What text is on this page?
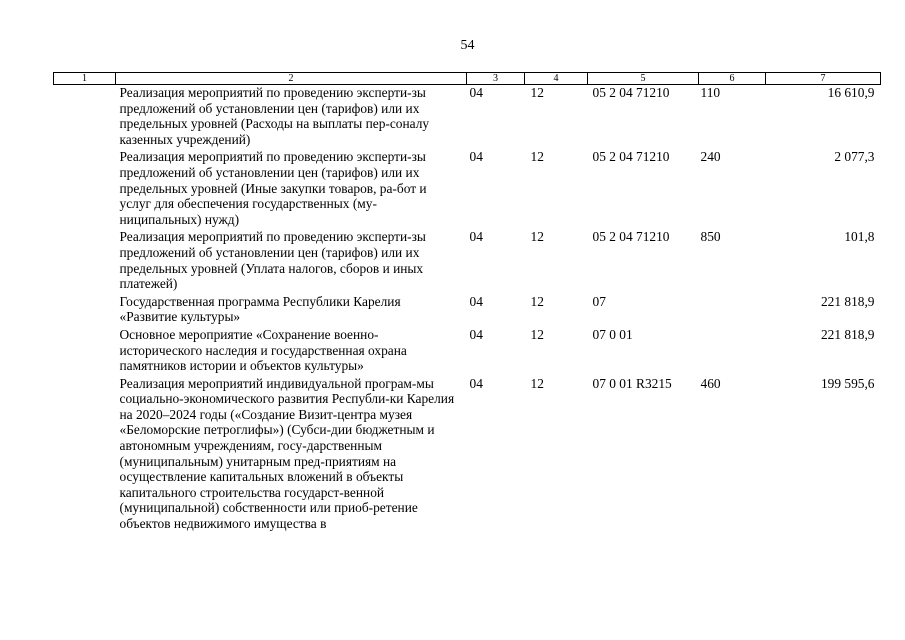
54
1	2	3	4	5	6	7
	Реализация мероприятий по проведению эксперти-зы предложений об установлении цен (тарифов) или их предельных уровней (Расходы на выплаты пер-соналу казенных учреждений)	04	12	05 2 04 71210	110	16 610,9
	Реализация мероприятий по проведению эксперти-зы предложений об установлении цен (тарифов) или их предельных уровней (Иные закупки товаров, ра-бот и услуг для обеспечения государственных (му-ниципальных) нужд)	04	12	05 2 04 71210	240	2 077,3
	Реализация мероприятий по проведению эксперти-зы предложений об установлении цен (тарифов) или их предельных уровней (Уплата налогов, сборов и иных платежей)	04	12	05 2 04 71210	850	101,8
	Государственная программа Республики Карелия «Развитие культуры»	04	12	07		221 818,9
	Основное мероприятие «Сохранение военно-исторического наследия и государственная охрана памятников истории и объектов культуры»	04	12	07 0 01		221 818,9
	Реализация мероприятий индивидуальной програм-мы социально-экономического развития Республи-ки Карелия на 2020–2024 годы («Создание Визит-центра музея «Беломорские петроглифы») (Субси-дии бюджетным и автономным учреждениям, госу-дарственным (муниципальным) унитарным пред-приятиям на осуществление капитальных вложений в объекты капитального строительства государст-венной (муниципальной) собственности или приоб-ретение объектов недвижимого имущества в	04	12	07 0 01 R3215	460	199 595,6
